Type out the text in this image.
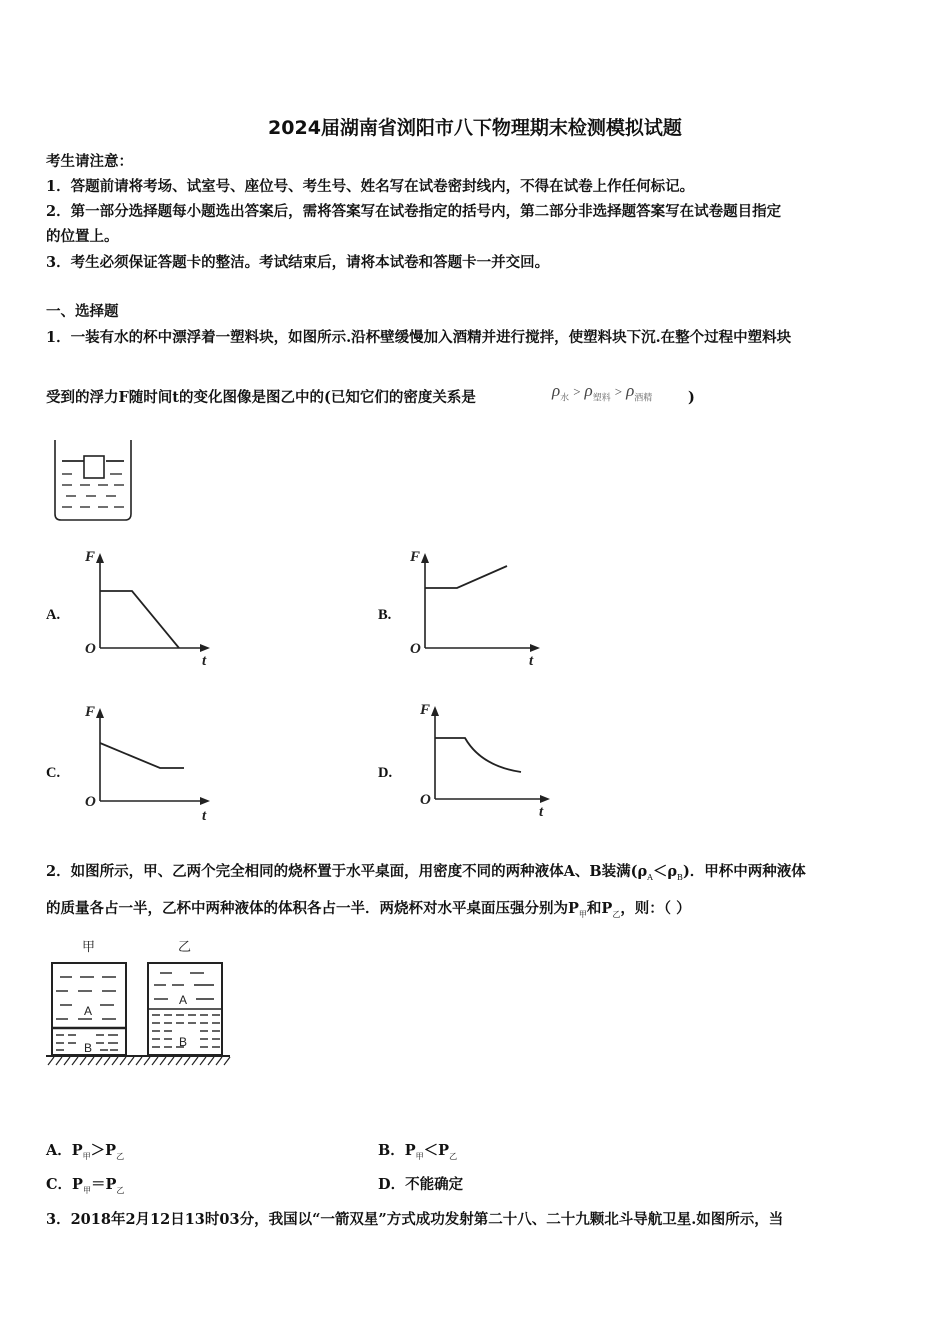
2024届湖南省浏阳市八下物理期末检测模拟试题
考生请注意：
1．答题前请将考场、试室号、座位号、考生号、姓名写在试卷密封线内，不得在试卷上作任何标记。
2．第一部分选择题每小题选出答案后，需将答案写在试卷指定的括号内，第二部分非选择题答案写在试卷题目指定
的位置上。
3．考生必须保证答题卡的整洁。考试结束后，请将本试卷和答题卡一并交回。
一、选择题
1．一装有水的杯中漂浮着一塑料块，如图所示.沿杯壁缓慢加入酒精并进行搅拌，使塑料块下沉.在整个过程中塑料块
受到的浮力F随时间t的变化图像是图乙中的(已知它们的密度关系是	$\rho_水 > \rho_{塑料} > \rho_{酒精}$ )
A.
F
O
t
B.
F
O
t
C.
F
O
t
D.
F
O
t
2．如图所示，甲、乙两个完全相同的烧杯置于水平桌面，用密度不同的两种液体A、B装满$(\rho_A<\rho_B)$．甲杯中两种液体
的质量各占一半，乙杯中两种液体的体积各占一半．两烧杯对水平桌面压强分别为$P_甲$和$P_乙$，则：（ ）
甲	乙
A
B
A
B
A．$P_甲>P_乙$	B．$P_甲<P_乙$
C．$P_甲=P_乙$	D．不能确定
3．2018年2月12日13时03分，我国以“一箭双星”方式成功发射第二十八、二十九颗北斗导航卫星.如图所示，当
